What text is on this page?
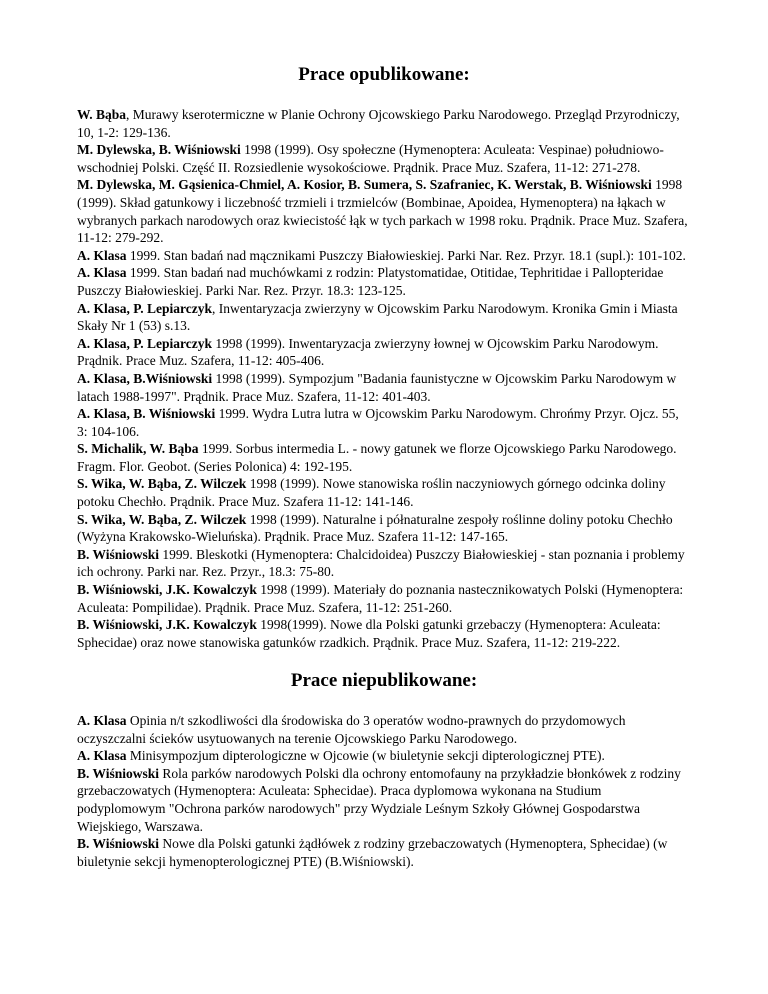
Prace opublikowane:

W. Bąba, Murawy kserotermiczne w Planie Ochrony Ojcowskiego Parku Narodowego. Przegląd Przyrodniczy, 10, 1-2: 129-136.

M. Dylewska, B. Wiśniowski 1998 (1999). Osy społeczne (Hymenoptera: Aculeata: Vespinae) południowo-wschodniej Polski. Część II. Rozsiedlenie wysokościowe. Prądnik. Prace Muz. Szafera, 11-12: 271-278.

M. Dylewska, M. Gąsienica-Chmiel, A. Kosior, B. Sumera, S. Szafraniec, K. Werstak, B. Wiśniowski 1998 (1999). Skład gatunkowy i liczebność trzmieli i trzmielców (Bombinae, Apoidea, Hymenoptera) na łąkach w wybranych parkach narodowych oraz kwiecistość łąk w tych parkach w 1998 roku. Prądnik. Prace Muz. Szafera, 11-12: 279-292.

A. Klasa 1999. Stan badań nad mącznikami Puszczy Białowieskiej. Parki Nar. Rez. Przyr. 18.1 (supl.): 101-102.

A. Klasa 1999. Stan badań nad muchówkami z rodzin: Platystomatidae, Otitidae, Tephritidae i Pallopteridae Puszczy Białowieskiej. Parki Nar. Rez. Przyr. 18.3: 123-125.

A. Klasa, P. Lepiarczyk, Inwentaryzacja zwierzyny w Ojcowskim Parku Narodowym. Kronika Gmin i Miasta Skały Nr 1 (53) s.13.

A. Klasa, P. Lepiarczyk 1998 (1999). Inwentaryzacja zwierzyny łownej w Ojcowskim Parku Narodowym. Prądnik. Prace Muz. Szafera, 11-12: 405-406.

A. Klasa, B.Wiśniowski 1998 (1999). Sympozjum "Badania faunistyczne w Ojcowskim Parku Narodowym w latach 1988-1997". Prądnik. Prace Muz. Szafera, 11-12: 401-403.

A. Klasa, B. Wiśniowski 1999. Wydra Lutra lutra w Ojcowskim Parku Narodowym. Chrońmy Przyr. Ojcz. 55, 3: 104-106.

S. Michalik, W. Bąba 1999. Sorbus intermedia L. - nowy gatunek we florze Ojcowskiego Parku Narodowego. Fragm. Flor. Geobot. (Series Polonica) 4: 192-195.

S. Wika, W. Bąba, Z. Wilczek 1998 (1999). Nowe stanowiska roślin naczyniowych górnego odcinka doliny potoku Chechło. Prądnik. Prace Muz. Szafera 11-12: 141-146.

S. Wika, W. Bąba, Z. Wilczek 1998 (1999). Naturalne i półnaturalne zespoły roślinne doliny potoku Chechło (Wyżyna Krakowsko-Wieluńska). Prądnik. Prace Muz. Szafera 11-12: 147-165.

B. Wiśniowski 1999. Bleskotki (Hymenoptera: Chalcidoidea) Puszczy Białowieskiej - stan poznania i problemy ich ochrony. Parki nar. Rez. Przyr., 18.3: 75-80.

B. Wiśniowski, J.K. Kowalczyk 1998 (1999). Materiały do poznania nastecznikowatych Polski (Hymenoptera: Aculeata: Pompilidae). Prądnik. Prace Muz. Szafera, 11-12: 251-260.

B. Wiśniowski, J.K. Kowalczyk 1998(1999). Nowe dla Polski gatunki grzebaczy (Hymenoptera: Aculeata: Sphecidae) oraz nowe stanowiska gatunków rzadkich. Prądnik. Prace Muz. Szafera, 11-12: 219-222.

Prace niepublikowane:

A. Klasa Opinia n/t szkodliwości dla środowiska do 3 operatów wodno-prawnych do przydomowych oczyszczalni ścieków usytuowanych na terenie Ojcowskiego Parku Narodowego.

A. Klasa Minisympozjum dipterologiczne w Ojcowie (w biuletynie sekcji dipterologicznej PTE).

B. Wiśniowski Rola parków narodowych Polski dla ochrony entomofauny na przykładzie błonkówek z rodziny grzebaczowatych (Hymenoptera: Aculeata: Sphecidae). Praca dyplomowa wykonana na Studium podyplomowym "Ochrona parków narodowych" przy Wydziale Leśnym Szkoły Głównej Gospodarstwa Wiejskiego, Warszawa.

B. Wiśniowski Nowe dla Polski gatunki żądłówek z rodziny grzebaczowatych (Hymenoptera, Sphecidae) (w biuletynie sekcji hymenopterologicznej PTE) (B.Wiśniowski).
